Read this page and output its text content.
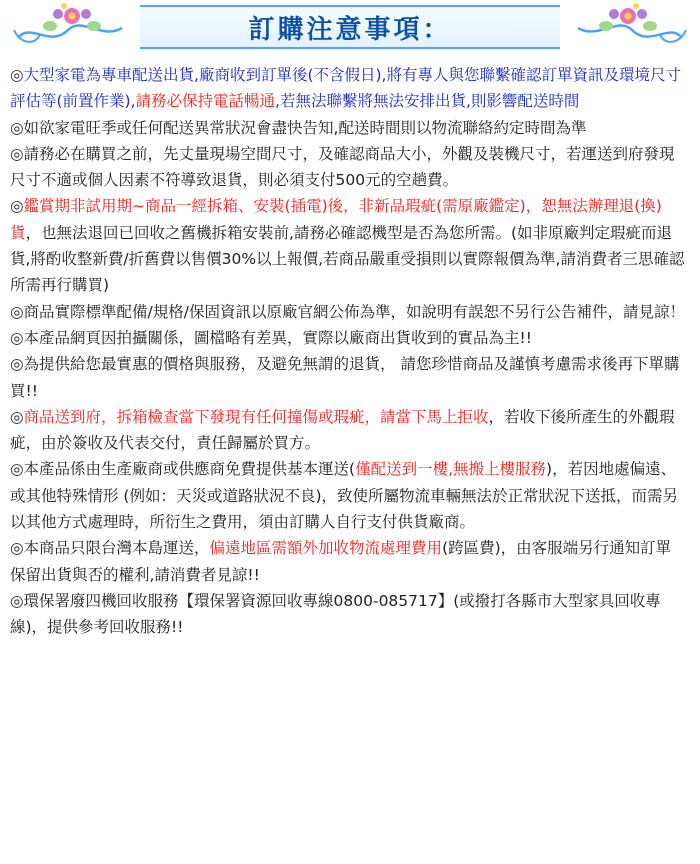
訂購注意事項：

◎大型家電為專車配送出貨,廠商收到訂單後(不含假日),將有專人與您聯繫確認訂單資訊及環境尺寸評估等(前置作業),請務必保持電話暢通,若無法聯繫將無法安排出貨,則影響配送時間

◎如欲家電旺季或任何配送異常狀況會盡快告知,配送時間則以物流聯絡約定時間為準

◎請務必在購買之前，先丈量現場空間尺寸，及確認商品大小，外觀及裝機尺寸，若運送到府發現尺寸不適或個人因素不符導致退貨，則必須支付500元的空趟費。

◎鑑賞期非試用期~商品一經拆箱、安裝(插電)後，非新品瑕疵(需原廠鑑定)，恕無法辦理退(換)貨，也無法退回已回收之舊機拆箱安裝前,請務必確認機型是否為您所需。(如非原廠判定瑕疵而退貨,將酌收整新費/折舊費以售價30%以上報價,若商品嚴重受損則以實際報價為準,請消費者三思確認所需再行購買)

◎商品實際標準配備/規格/保固資訊以原廠官網公佈為準，如說明有誤恕不另行公告補件，請見諒！

◎本產品網頁因拍攝關係，圖檔略有差異，實際以廠商出貨收到的實品為主!!

◎為提供給您最實惠的價格與服務，及避免無謂的退貨， 請您珍惜商品及謹慎考慮需求後再下單購買!!

◎商品送到府，拆箱檢查當下發現有任何撞傷或瑕疵，請當下馬上拒收，若收下後所產生的外觀瑕疵，由於簽收及代表交付，責任歸屬於買方。

◎本產品係由生產廠商或供應商免費提供基本運送(僅配送到一樓,無搬上樓服務)，若因地處偏遠、或其他特殊情形 (例如：天災或道路狀況不良)，致使所屬物流車輛無法於正常狀況下送抵，而需另以其他方式處理時，所衍生之費用，須由訂購人自行支付供貨廠商。

◎本商品只限台灣本島運送，偏遠地區需額外加收物流處理費用(跨區費)，由客服端另行通知訂單保留出貨與否的權利,請消費者見諒!!

◎環保署廢四機回收服務【環保署資源回收專線0800-085717】(或撥打各縣市大型家具回收專線)，提供參考回收服務!!
